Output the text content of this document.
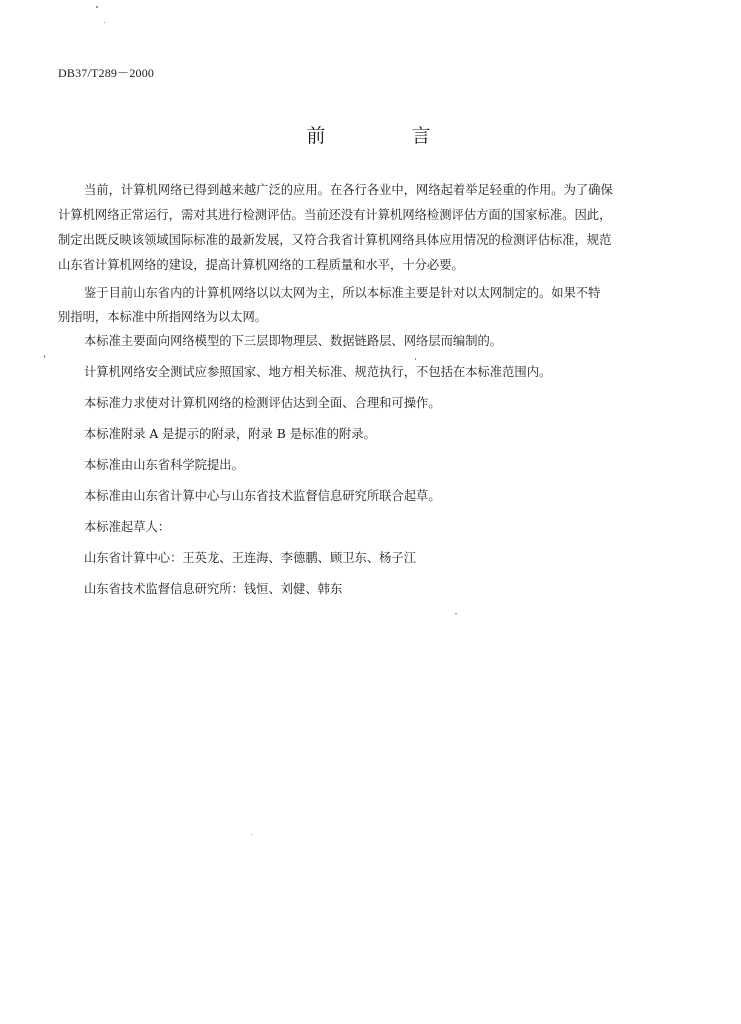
DB37/T289－2000
前 言
当前，计算机网络已得到越来越广泛的应用。在各行各业中，网络起着举足轻重的作用。为了确保
计算机网络正常运行，需对其进行检测评估。当前还没有计算机网络检测评估方面的国家标准。因此，
制定出既反映该领域国际标准的最新发展，又符合我省计算机网络具体应用情况的检测评估标准，规范
山东省计算机网络的建设，提高计算机网络的工程质量和水平，十分必要。
鉴于目前山东省内的计算机网络以以太网为主，所以本标准主要是针对以太网制定的。如果不特
别指明，本标准中所指网络为以太网。
本标准主要面向网络模型的下三层即物理层、数据链路层、网络层而编制的。
计算机网络安全测试应参照国家、地方相关标准、规范执行，不包括在本标准范围内。
本标准力求使对计算机网络的检测评估达到全面、合理和可操作。
本标准附录 A 是提示的附录，附录 B 是标准的附录。
本标准由山东省科学院提出。
本标准由山东省计算中心与山东省技术监督信息研究所联合起草。
本标准起草人：
山东省计算中心：王英龙、王连海、李德鹏、顾卫东、杨子江
山东省技术监督信息研究所：钱恒、刘健、韩东
